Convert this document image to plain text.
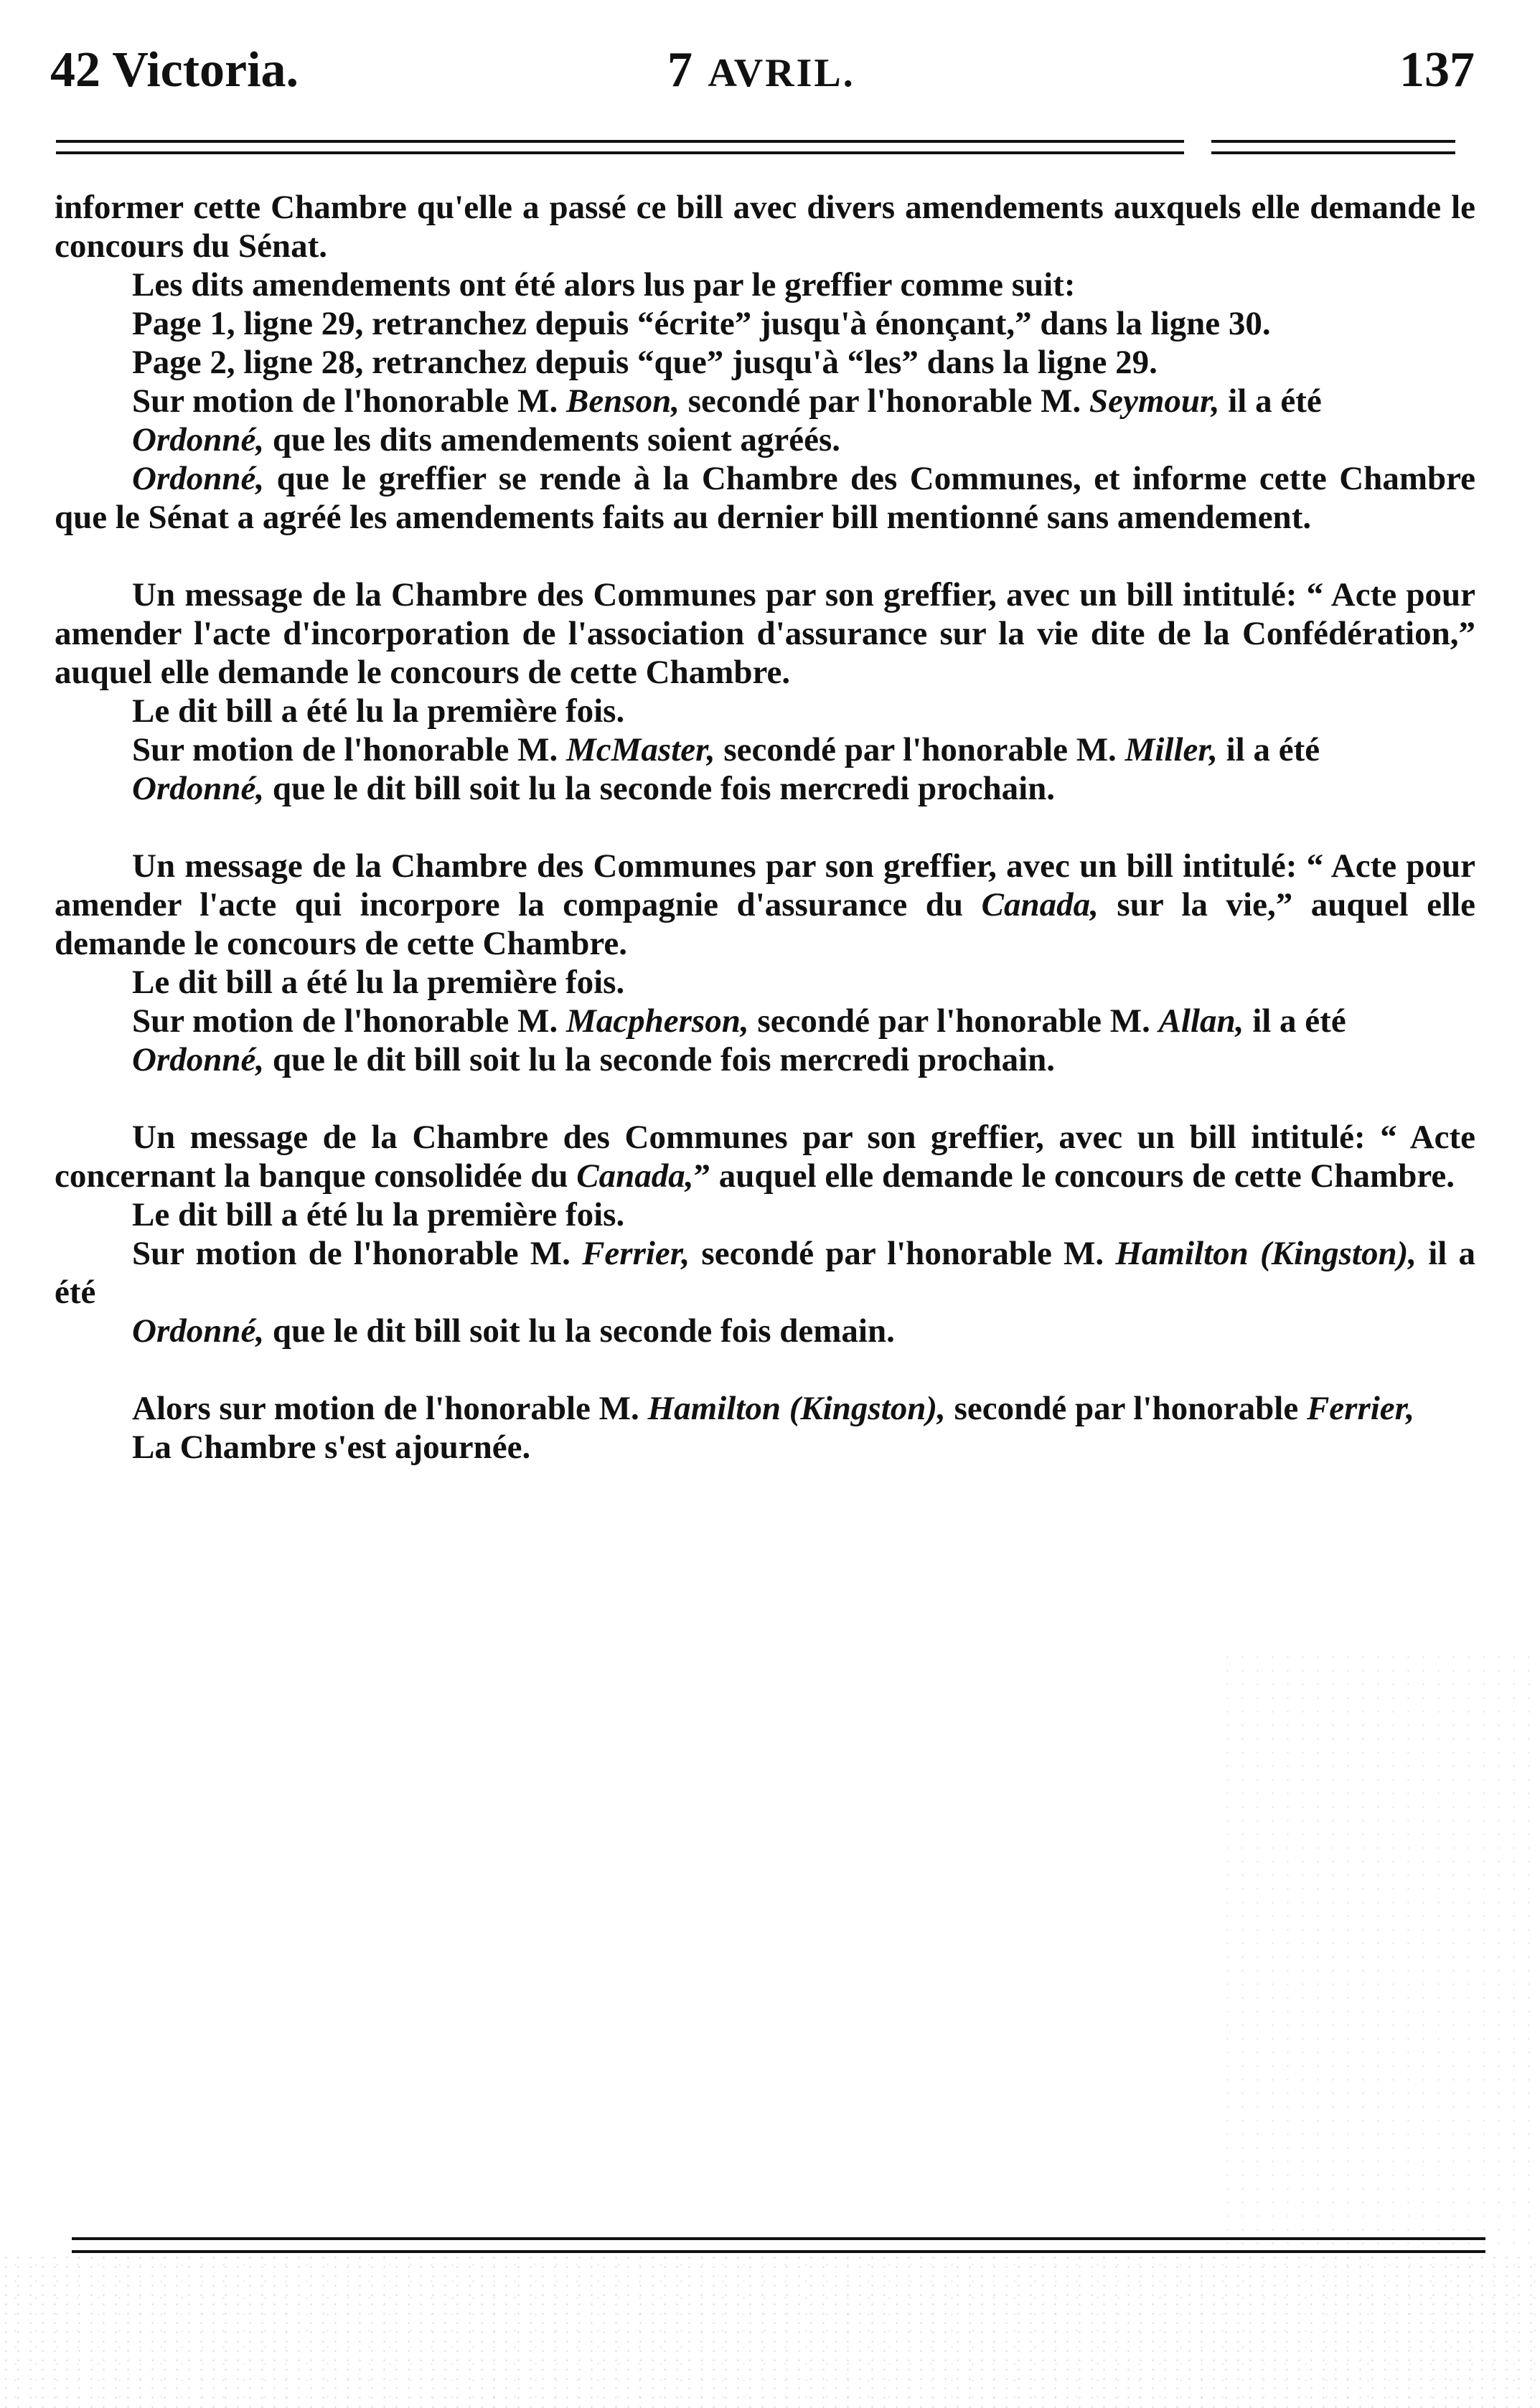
42 Victoria.	7 AVRIL.	137

informer cette Chambre qu'elle a passé ce bill avec divers amendements auxquels elle demande le concours du Sénat.

Les dits amendements ont été alors lus par le greffier comme suit:

Page 1, ligne 29, retranchez depuis “écrite” jusqu'à énonçant,” dans la ligne 30.

Page 2, ligne 28, retranchez depuis “que” jusqu'à “les” dans la ligne 29.

Sur motion de l'honorable M. Benson, secondé par l'honorable M. Seymour, il a été

Ordonné, que les dits amendements soient agréés.

Ordonné, que le greffier se rende à la Chambre des Communes, et informe cette Chambre que le Sénat a agréé les amendements faits au dernier bill mentionné sans amendement.

Un message de la Chambre des Communes par son greffier, avec un bill intitulé: “ Acte pour amender l'acte d'incorporation de l'association d'assurance sur la vie dite de la Confédération,” auquel elle demande le concours de cette Chambre.

Le dit bill a été lu la première fois.

Sur motion de l'honorable M. McMaster, secondé par l'honorable M. Miller, il a été

Ordonné, que le dit bill soit lu la seconde fois mercredi prochain.

Un message de la Chambre des Communes par son greffier, avec un bill intitulé: “ Acte pour amender l'acte qui incorpore la compagnie d'assurance du Canada, sur la vie,” auquel elle demande le concours de cette Chambre.

Le dit bill a été lu la première fois.

Sur motion de l'honorable M. Macpherson, secondé par l'honorable M. Allan, il a été

Ordonné, que le dit bill soit lu la seconde fois mercredi prochain.

Un message de la Chambre des Communes par son greffier, avec un bill intitulé: “ Acte concernant la banque consolidée du Canada,” auquel elle demande le concours de cette Chambre.

Le dit bill a été lu la première fois.

Sur motion de l'honorable M. Ferrier, secondé par l'honorable M. Hamilton (Kingston), il a été

Ordonné, que le dit bill soit lu la seconde fois demain.

Alors sur motion de l'honorable M. Hamilton (Kingston), secondé par l'honorable Ferrier,

La Chambre s'est ajournée.
